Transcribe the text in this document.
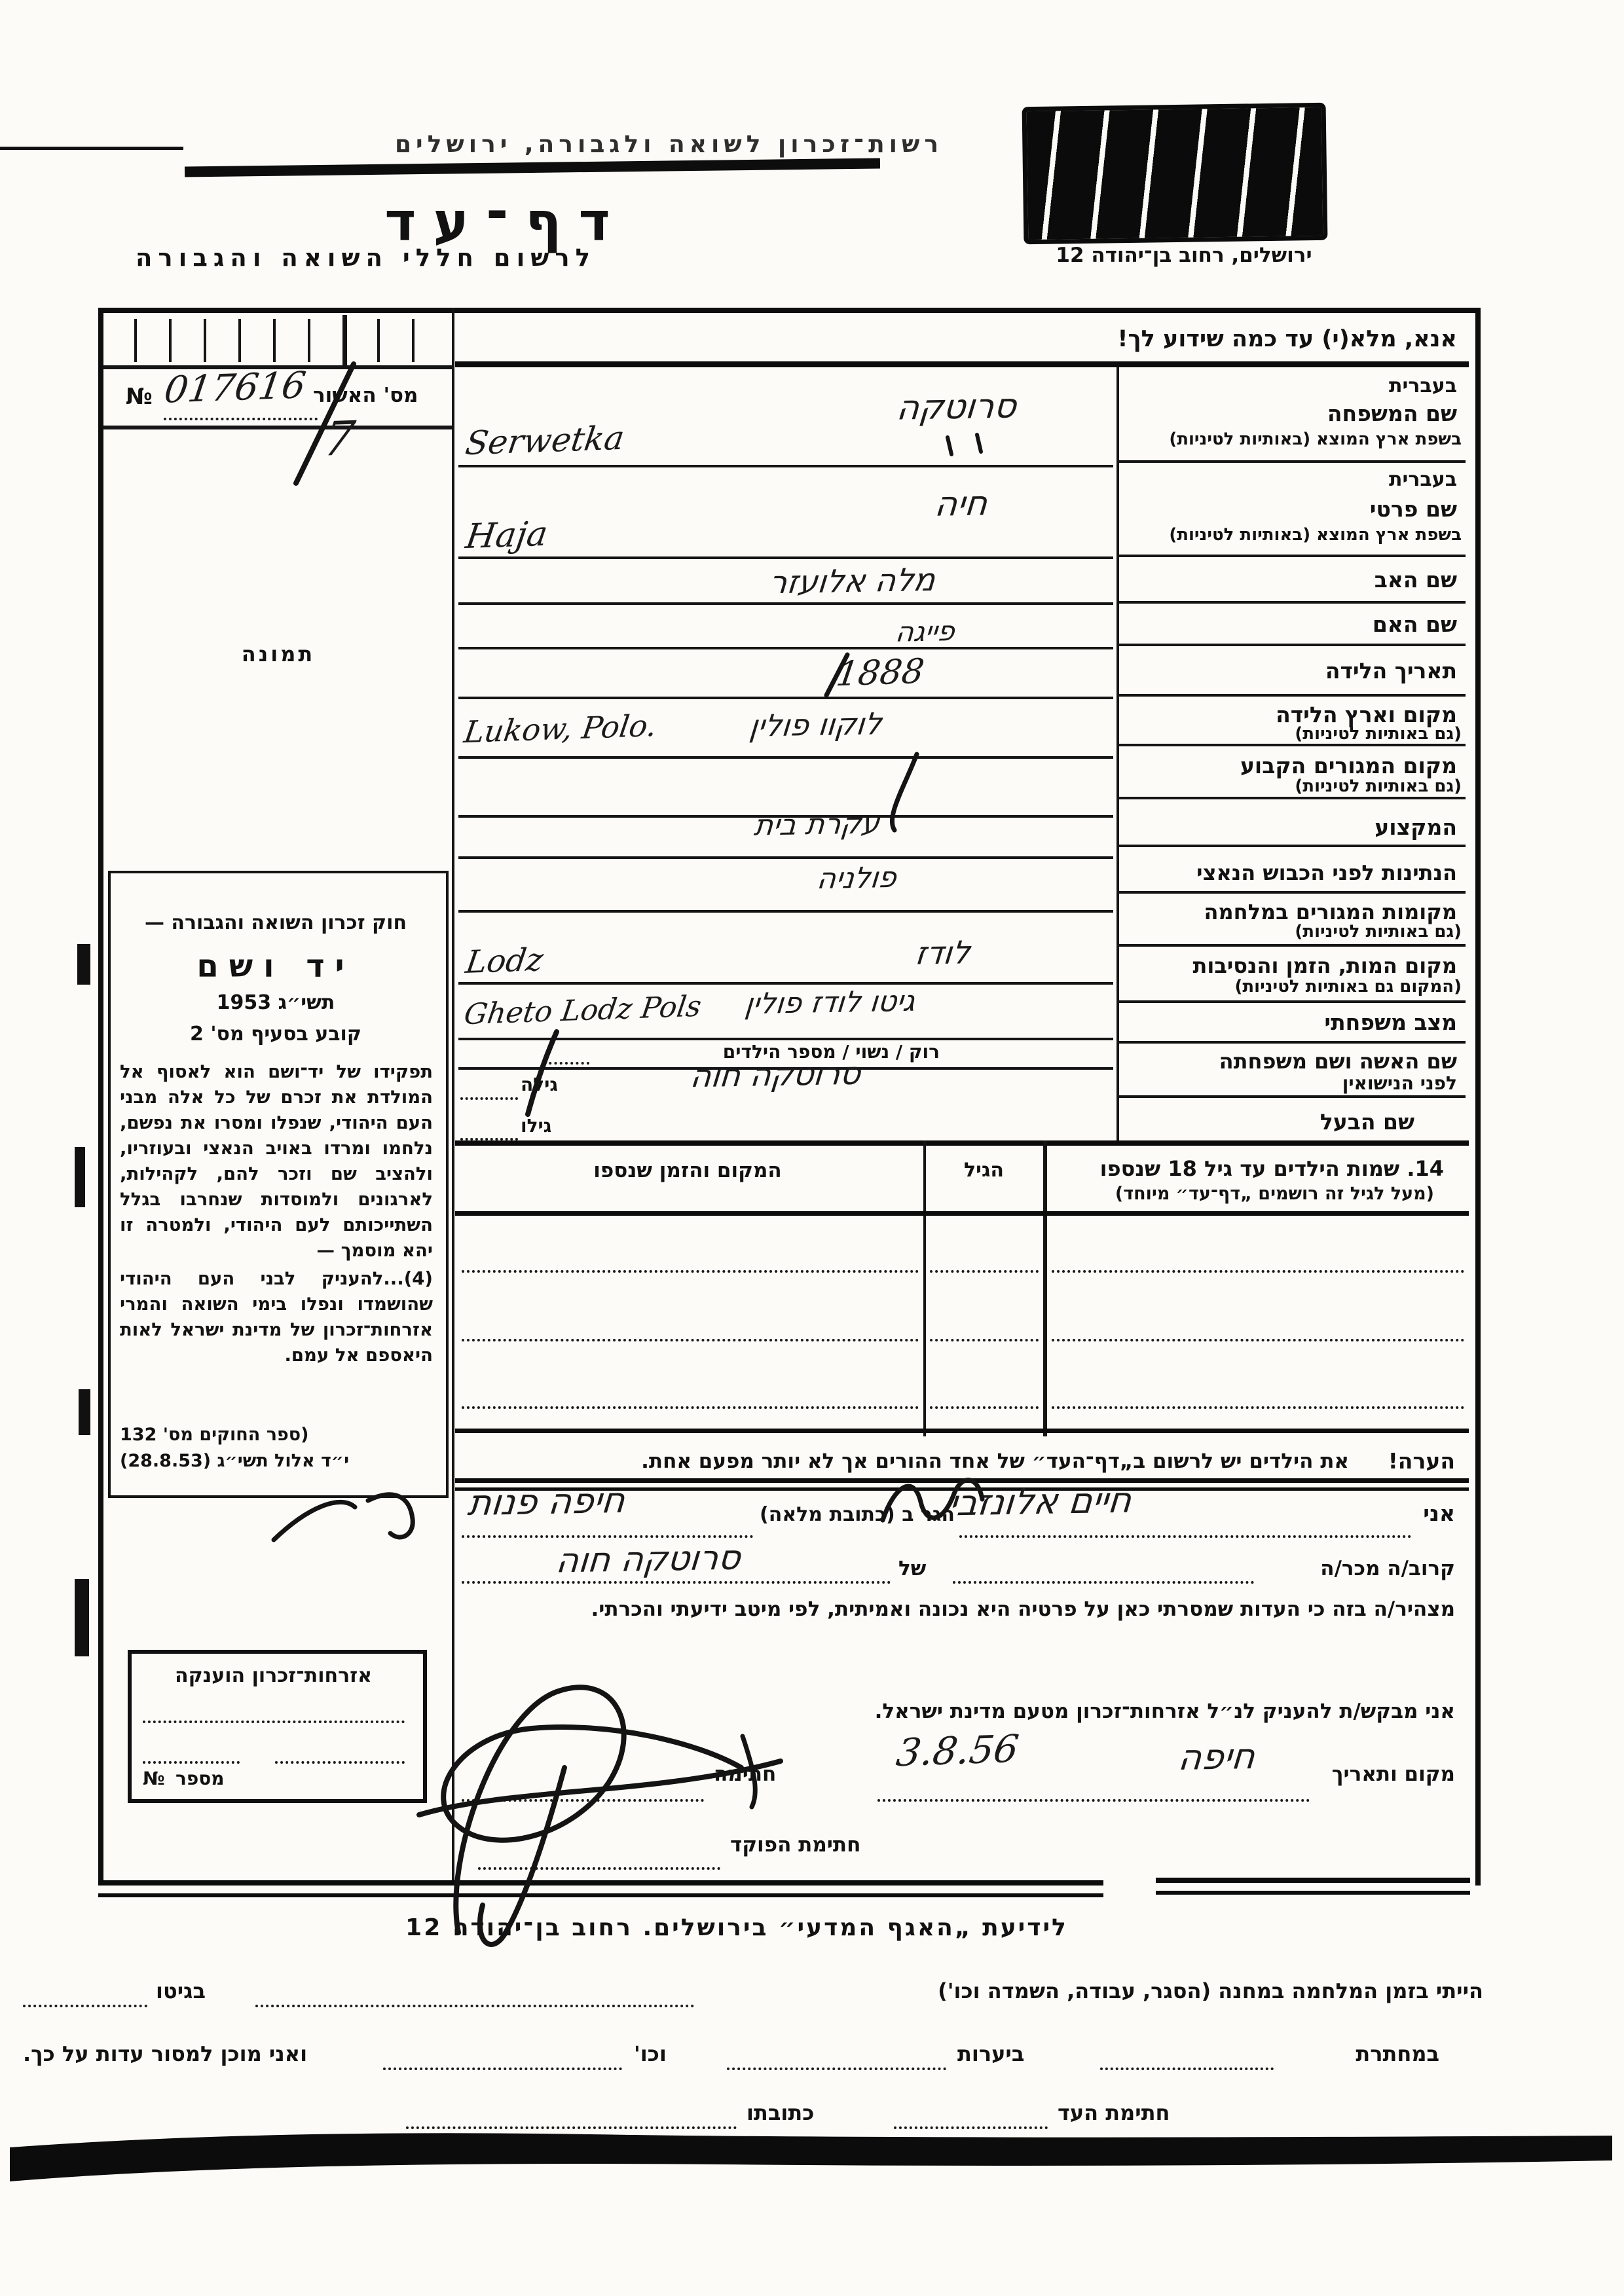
רשות־זכרון לשואה ולגבורה, ירושלים
דף־עד
לרשום חללי השואה והגבורה	ירושלים, רחוב בן־יהודה 12
אנא, מלא(י) עד כמה שידוע לך!
№ 017616 מס' האשור
7
תמונה
חוק זכרון השואה והגבורה —
יד ושם
תשי״ג 1953
קובע בסעיף מס' 2
תפקידו של יד־ושם הוא לאסוף אל המולדת את זכרם של כל אלה מבני העם היהודי, שנפלו ומסרו את נפשם, נלחמו ומרדו באויב הנאצי ובעוזריו, ולהציב שם וזכר להם, לקהילות, לארגונים ולמוסדות שנחרבו בגלל השתייכותם לעם היהודי, ולמטרה זו יהא מוסמך —
(4)...להעניק לבני העם היהודי שהושמדו ונפלו בימי השואה והמרי אזרחות־זכרון של מדינת ישראל לאות היאספם אל עמם.
(ספר החוקים מס' 132
י״ד אלול תשי״ג (28.8.53)
אזרחות־זכרון הוענקה
№ מספר
בעברית
שם המשפחה
בשפת ארץ המוצא (באותיות לטיניות)
בעברית
שם פרטי
בשפת ארץ המוצא (באותיות לטיניות)
שם האב
שם האם
תאריך הלידה
מקום וארץ הלידה
(גם באותיות לטיניות)
מקום המגורים הקבוע
(גם באותיות לטיניות)
המקצוע
הנתינות לפני הכבוש הנאצי
מקומות המגורים במלחמה
(גם באותיות לטיניות)
מקום המות, הזמן והנסיבות
(המקום גם באותיות לטיניות)
מצב משפחתי
שם האשה ושם משפחתה
לפני הנישואין
שם הבעל
סרוטקה
Serwetka
חיה
Haja
מלה אלועזר
פייגה
1888
לוקוו פולין
Lukow, Polo.
עקרת בית
פולניה
לודז
Lodz
גיטו לודז פולין
Gheto Lodz Pols
רוק / נשוי / מספר הילדים
סרוטקה חוה
גילה
גילו
14. שמות הילדים עד גיל 18 שנספו
(מעל לגיל זה רושמים „דף־עד״ מיוחד)
הגיל
המקום והזמן שנספו
הערה!
את הילדים יש לרשום ב„דף־העד״ של אחד ההורים אך לא יותר מפעם אחת.
אני
חיים אלונזבי
הגר ב (כתובת מלאה)
חיפה פנות
קרוב/ה מכר/ה
של
סרוטקה חוה
מצהיר/ה בזה כי העדות שמסרתי כאן על פרטיה היא נכונה ואמיתית, לפי מיטב ידיעתי והכרתי.
אני מבקש/ת להעניק לנ״ל אזרחות־זכרון מטעם מדינת ישראל.
מקום ותאריך
חיפה
3.8.56
חתימה
חתימת הפוקד
לידיעת „האגף המדעי״ בירושלים. רחוב בן־יהודה 12
הייתי בזמן המלחמה במחנה (הסגר, עבודה, השמדה וכו')
בגיטו
במחתרת
ביערות
וכו'
ואני מוכן למסור עדות על כך.
חתימת העד
כתובתו
